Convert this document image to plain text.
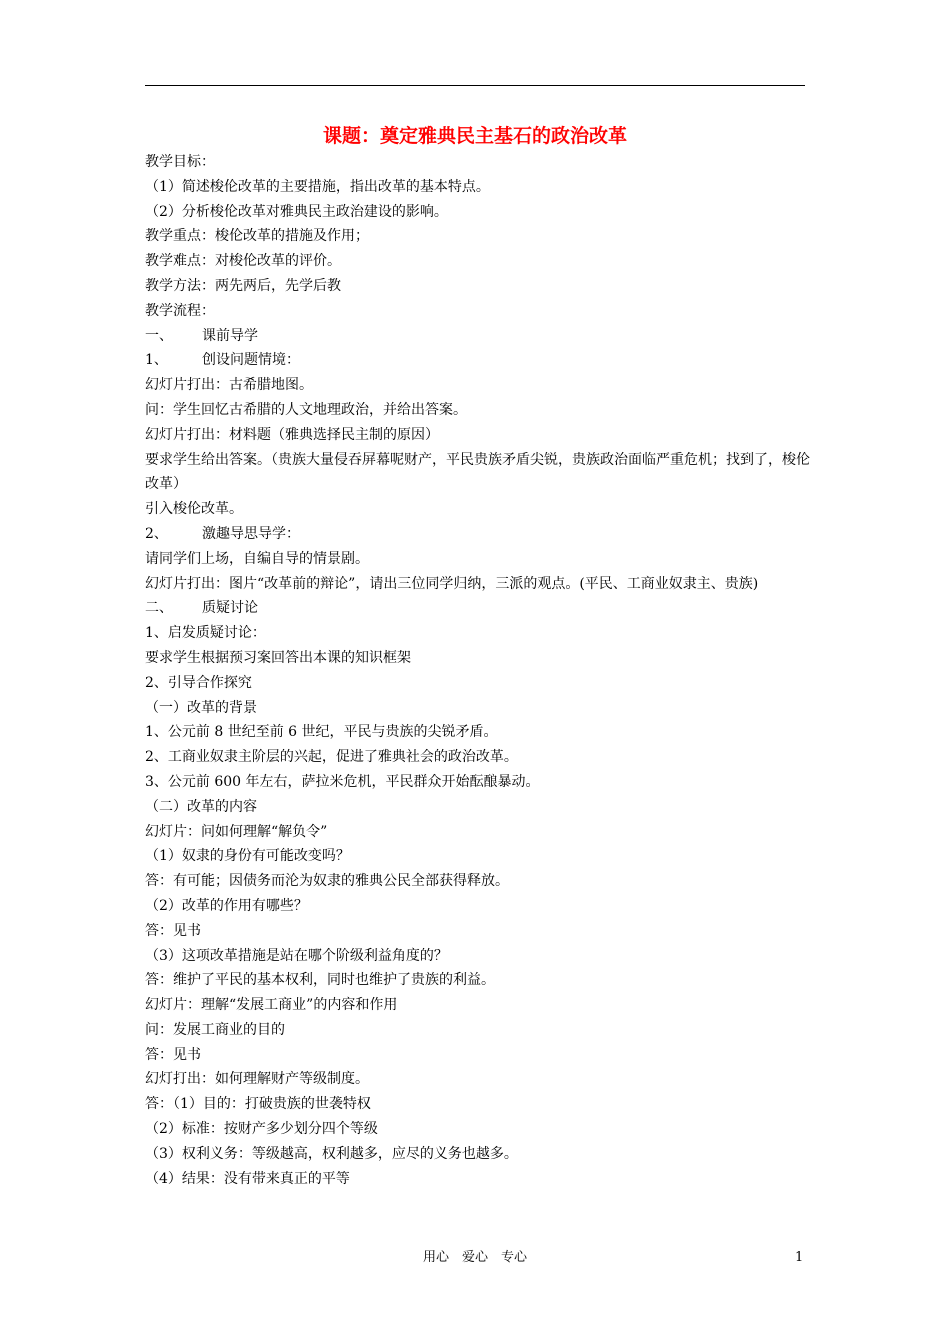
课题：奠定雅典民主基石的政治改革
教学目标：
（1）简述梭伦改革的主要措施，指出改革的基本特点。
（2）分析梭伦改革对雅典民主政治建设的影响。
教学重点：梭伦改革的措施及作用；
教学难点：对梭伦改革的评价。
教学方法：两先两后，先学后教
教学流程：
一、 课前导学
1、 创设问题情境：
幻灯片打出：古希腊地图。
问：学生回忆古希腊的人文地理政治，并给出答案。
幻灯片打出：材料题（雅典选择民主制的原因）
要求学生给出答案。（贵族大量侵吞屏幕呢财产，平民贵族矛盾尖锐，贵族政治面临严重危机；找到了，梭伦改革）
引入梭伦改革。
2、 激趣导思导学：
请同学们上场，自编自导的情景剧。
幻灯片打出：图片“改革前的辩论”，请出三位同学归纳，三派的观点。(平民、工商业奴隶主、贵族)
二、 质疑讨论
1、启发质疑讨论：
要求学生根据预习案回答出本课的知识框架
2、引导合作探究
（一）改革的背景
1、公元前 8 世纪至前 6 世纪，平民与贵族的尖锐矛盾。
2、工商业奴隶主阶层的兴起，促进了雅典社会的政治改革。
3、公元前 600 年左右，萨拉米危机，平民群众开始酝酿暴动。
（二）改革的内容
幻灯片：问如何理解“解负令”
（1）奴隶的身份有可能改变吗？
答：有可能；因债务而沦为奴隶的雅典公民全部获得释放。
（2）改革的作用有哪些？
答：见书
（3）这项改革措施是站在哪个阶级利益角度的？
答：维护了平民的基本权利，同时也维护了贵族的利益。
幻灯片：理解“发展工商业”的内容和作用
问：发展工商业的目的
答：见书
幻灯打出：如何理解财产等级制度。
答：（1）目的：打破贵族的世袭特权
（2）标准：按财产多少划分四个等级
（3）权利义务：等级越高，权利越多，应尽的义务也越多。
（4）结果：没有带来真正的平等
用心　爱心　专心	1
